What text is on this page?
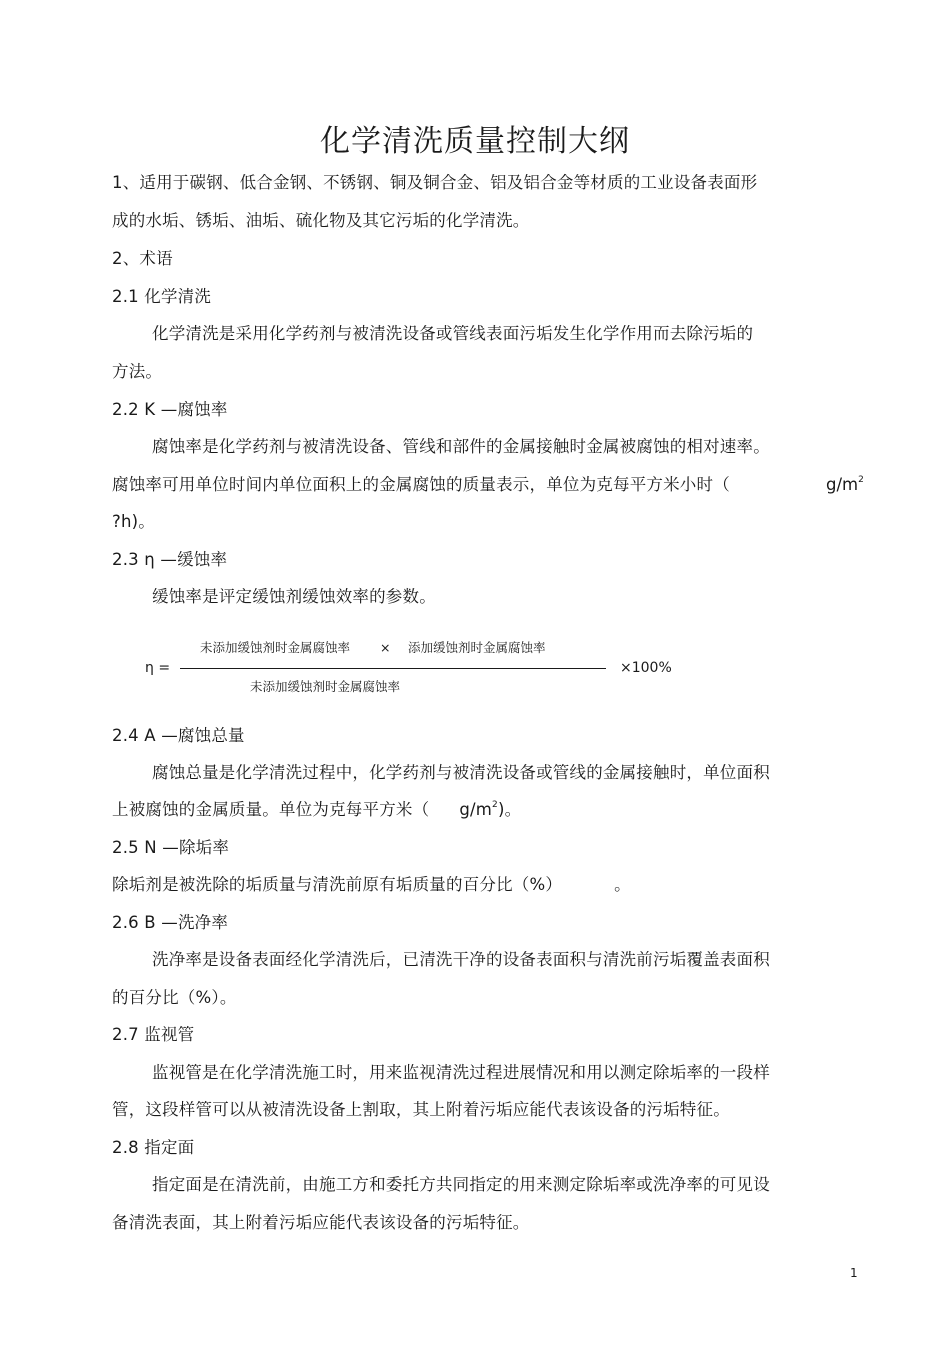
化学清洗质量控制大纲
1、适用于碳钢、低合金钢、不锈钢、铜及铜合金、铝及铝合金等材质的工业设备表面形
成的水垢、锈垢、油垢、硫化物及其它污垢的化学清洗。
2、术语
2.1 化学清洗
化学清洗是采用化学药剂与被清洗设备或管线表面污垢发生化学作用而去除污垢的
方法。
2.2 K —腐蚀率
腐蚀率是化学药剂与被清洗设备、管线和部件的金属接触时金属被腐蚀的相对速率。
腐蚀率可用单位时间内单位面积上的金属腐蚀的质量表示，单位为克每平方米小时（	$g/m^2$
?h)。
2.3 η —缓蚀率
缓蚀率是评定缓蚀剂缓蚀效率的参数。
η =
未添加缓蚀剂时金属腐蚀率 × 添加缓蚀剂时金属腐蚀率
未添加缓蚀剂时金属腐蚀率
×100%
2.4 A —腐蚀总量
腐蚀总量是化学清洗过程中，化学药剂与被清洗设备或管线的金属接触时，单位面积
上被腐蚀的金属质量。单位为克每平方米（ $g/m^2$)。
2.5 N —除垢率
除垢剂是被洗除的垢质量与清洗前原有垢质量的百分比（%）	。
2.6 B —洗净率
洗净率是设备表面经化学清洗后，已清洗干净的设备表面积与清洗前污垢覆盖表面积
的百分比（%）。
2.7 监视管
监视管是在化学清洗施工时，用来监视清洗过程进展情况和用以测定除垢率的一段样
管，这段样管可以从被清洗设备上割取，其上附着污垢应能代表该设备的污垢特征。
2.8 指定面
指定面是在清洗前，由施工方和委托方共同指定的用来测定除垢率或洗净率的可见设
备清洗表面，其上附着污垢应能代表该设备的污垢特征。
1
